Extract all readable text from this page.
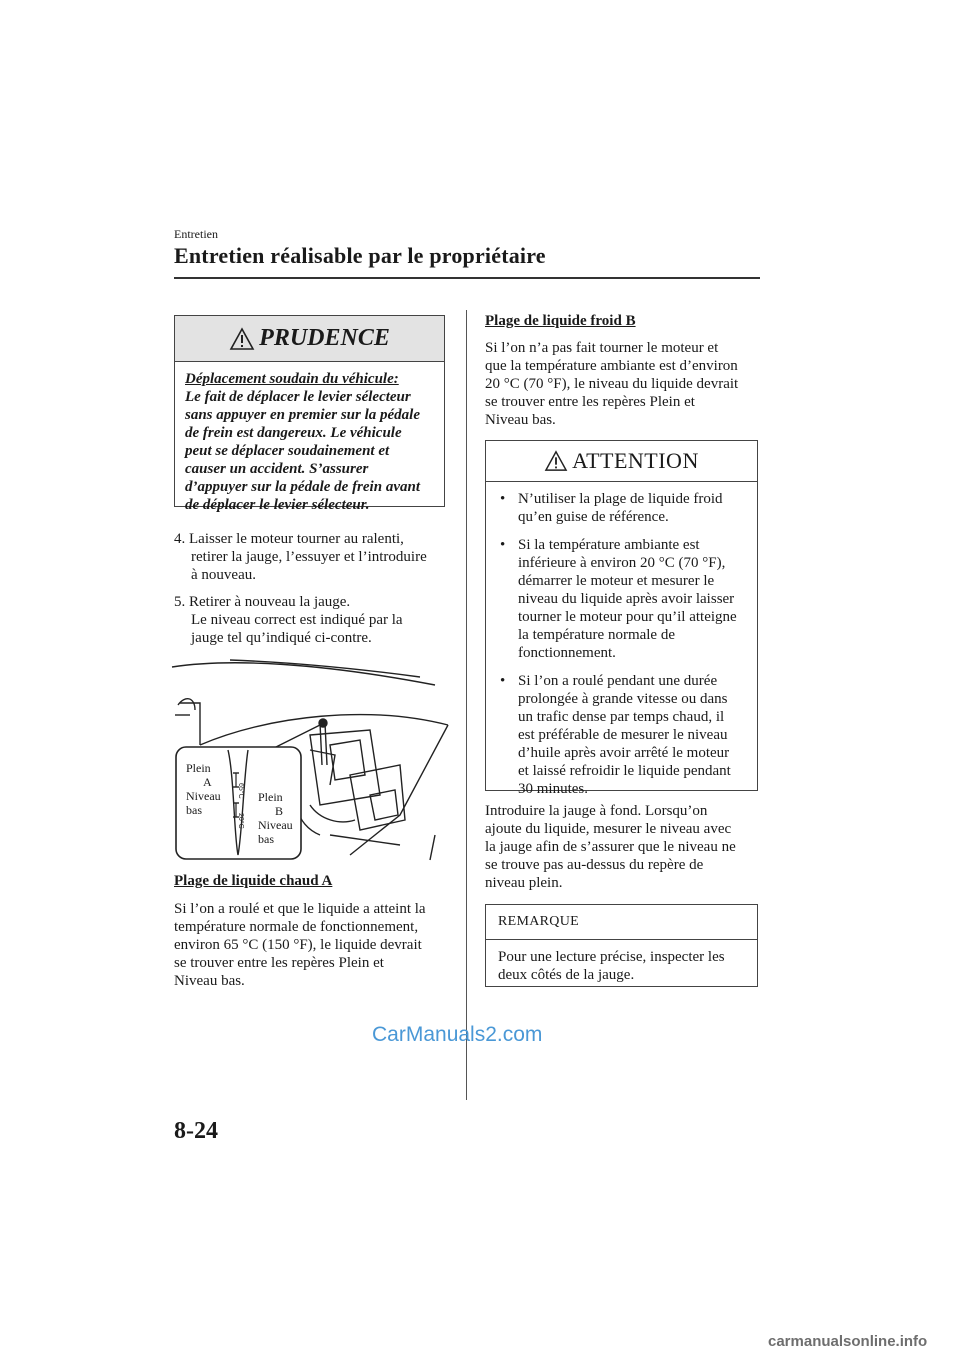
Entretien
Entretien réalisable par le propriétaire
PRUDENCE
Déplacement soudain du véhicule:
Le fait de déplacer le levier sélecteur
sans appuyer en premier sur la pédale
de frein est dangereux. Le véhicule
peut se déplacer soudainement et
causer un accident. S’assurer
d’appuyer sur la pédale de frein avant
de déplacer le levier sélecteur.
4. Laisser le moteur tourner au ralenti,
retirer la jauge, l’essuyer et l’introduire
à nouveau.
5. Retirer à nouveau la jauge.
Le niveau correct est indiqué par la
jauge tel qu’indiqué ci-contre.
65°C
20°C
Plein
A
Niveau
bas
Plein
B
Niveau
bas
Plage de liquide chaud A
Si l’on a roulé et que le liquide a atteint la
température normale de fonctionnement,
environ 65 °C (150 °F), le liquide devrait
se trouver entre les repères Plein et
Niveau bas.
Plage de liquide froid B
Si l’on n’a pas fait tourner le moteur et
que la température ambiante est d’environ
20 °C (70 °F), le niveau du liquide devrait
se trouver entre les repères Plein et
Niveau bas.
ATTENTION
• N’utiliser la plage de liquide froid
qu’en guise de référence.
• Si la température ambiante est
inférieure à environ 20 °C (70 °F),
démarrer le moteur et mesurer le
niveau du liquide après avoir laisser
tourner le moteur pour qu’il atteigne
la température normale de
fonctionnement.
• Si l’on a roulé pendant une durée
prolongée à grande vitesse ou dans
un trafic dense par temps chaud, il
est préférable de mesurer le niveau
d’huile après avoir arrêté le moteur
et laissé refroidir le liquide pendant
30 minutes.
Introduire la jauge à fond. Lorsqu’on
ajoute du liquide, mesurer le niveau avec
la jauge afin de s’assurer que le niveau ne
se trouve pas au-dessus du repère de
niveau plein.
REMARQUE
Pour une lecture précise, inspecter les
deux côtés de la jauge.
CarManuals2.com
8-24
carmanualsonline.info
